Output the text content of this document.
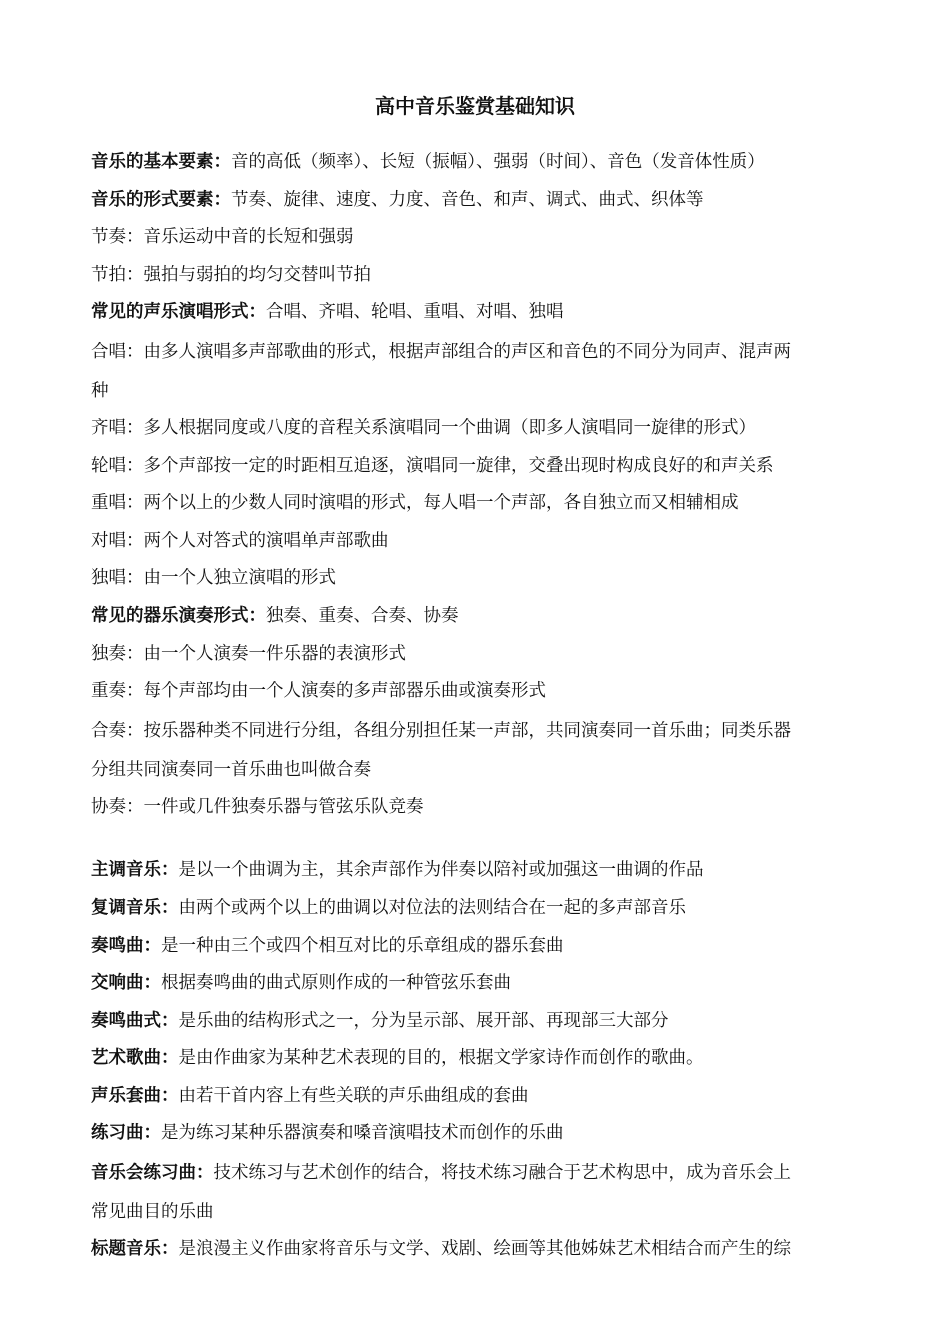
高中音乐鉴赏基础知识
音乐的基本要素：音的高低（频率）、长短（振幅）、强弱（时间）、音色（发音体性质）
音乐的形式要素：节奏、旋律、速度、力度、音色、和声、调式、曲式、织体等
节奏：音乐运动中音的长短和强弱
节拍：强拍与弱拍的均匀交替叫节拍
常见的声乐演唱形式：合唱、齐唱、轮唱、重唱、对唱、独唱
合唱：由多人演唱多声部歌曲的形式，根据声部组合的声区和音色的不同分为同声、混声两
种
齐唱：多人根据同度或八度的音程关系演唱同一个曲调（即多人演唱同一旋律的形式）
轮唱：多个声部按一定的时距相互追逐，演唱同一旋律，交叠出现时构成良好的和声关系
重唱：两个以上的少数人同时演唱的形式，每人唱一个声部，各自独立而又相辅相成
对唱：两个人对答式的演唱单声部歌曲
独唱：由一个人独立演唱的形式
常见的器乐演奏形式：独奏、重奏、合奏、协奏
独奏：由一个人演奏一件乐器的表演形式
重奏：每个声部均由一个人演奏的多声部器乐曲或演奏形式
合奏：按乐器种类不同进行分组，各组分别担任某一声部，共同演奏同一首乐曲；同类乐器
分组共同演奏同一首乐曲也叫做合奏
协奏：一件或几件独奏乐器与管弦乐队竞奏
主调音乐：是以一个曲调为主，其余声部作为伴奏以陪衬或加强这一曲调的作品
复调音乐：由两个或两个以上的曲调以对位法的法则结合在一起的多声部音乐
奏鸣曲：是一种由三个或四个相互对比的乐章组成的器乐套曲
交响曲：根据奏鸣曲的曲式原则作成的一种管弦乐套曲
奏鸣曲式：是乐曲的结构形式之一，分为呈示部、展开部、再现部三大部分
艺术歌曲：是由作曲家为某种艺术表现的目的，根据文学家诗作而创作的歌曲。
声乐套曲：由若干首内容上有些关联的声乐曲组成的套曲
练习曲：是为练习某种乐器演奏和嗓音演唱技术而创作的乐曲
音乐会练习曲：技术练习与艺术创作的结合，将技术练习融合于艺术构思中，成为音乐会上
常见曲目的乐曲
标题音乐：是浪漫主义作曲家将音乐与文学、戏剧、绘画等其他姊妹艺术相结合而产生的综
